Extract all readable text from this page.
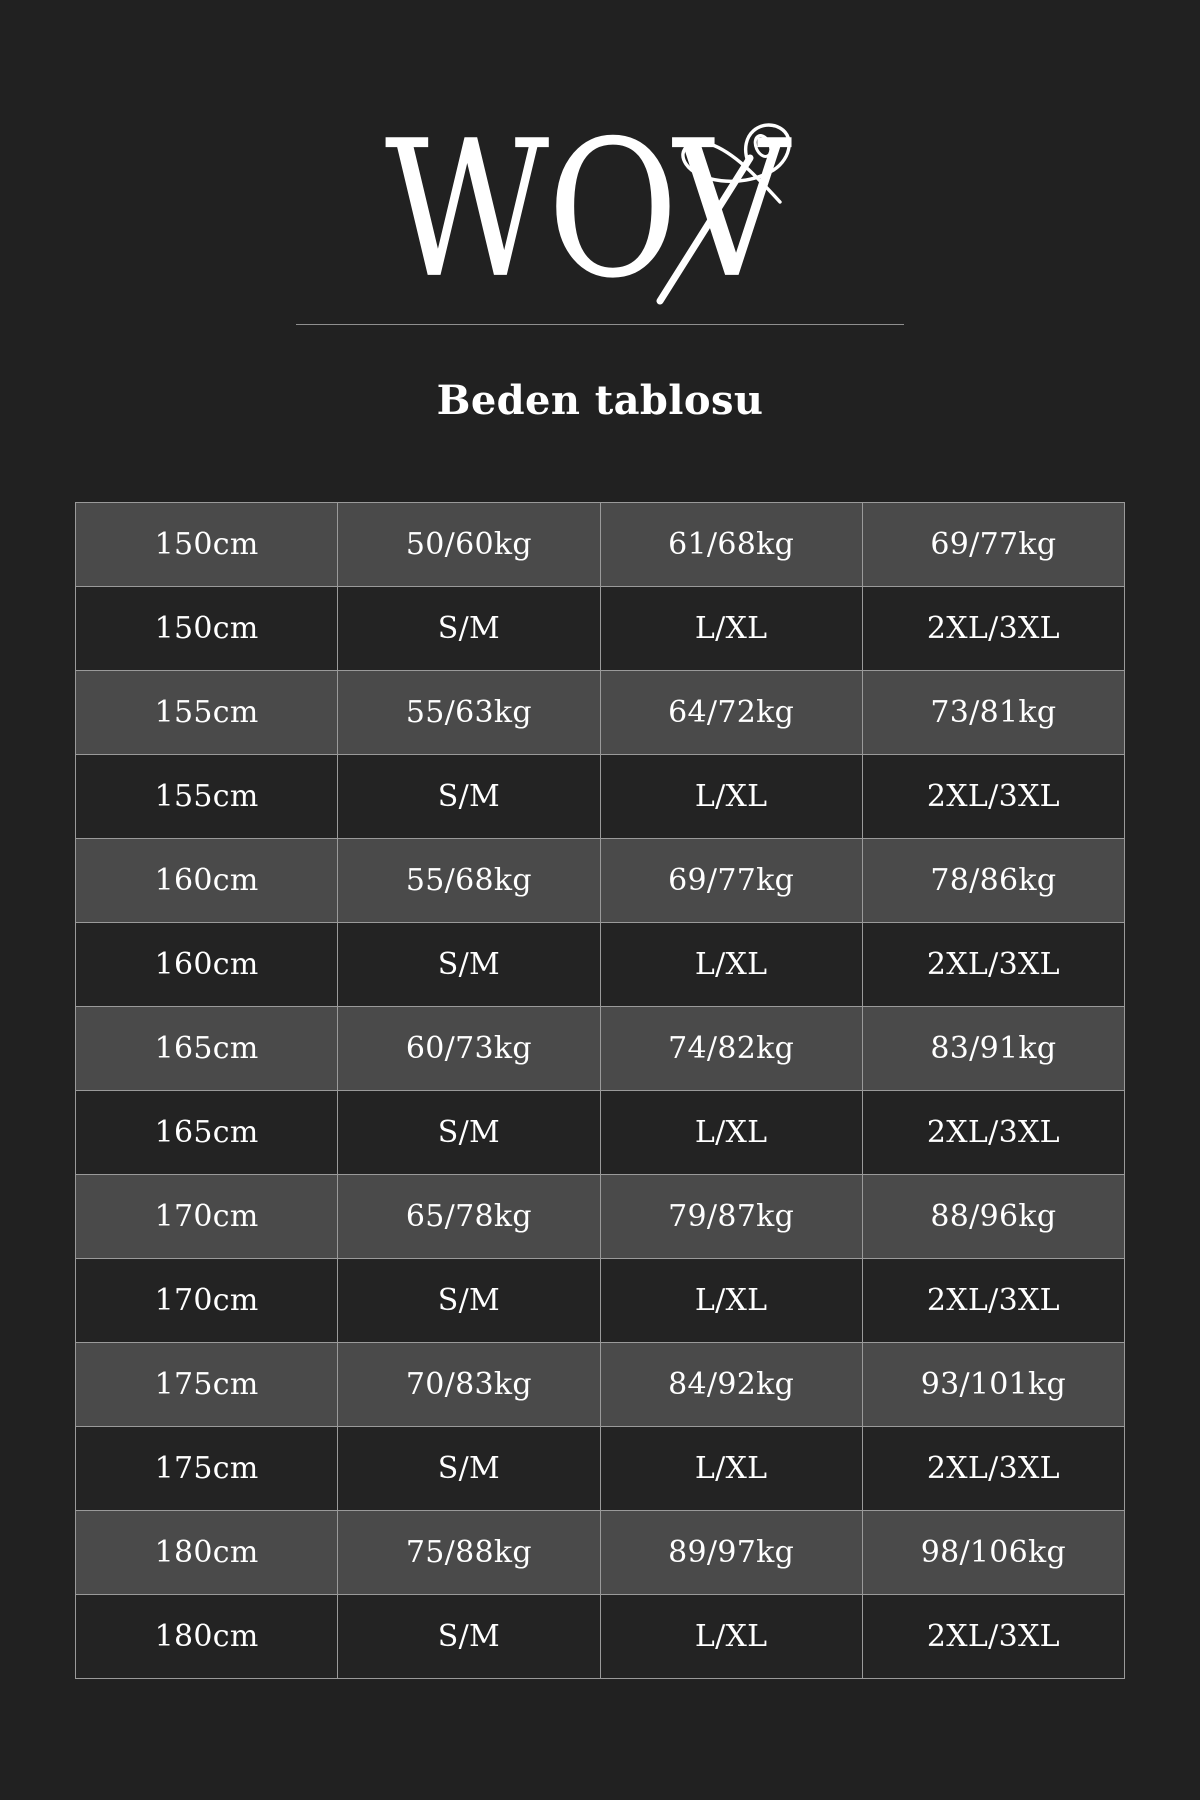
WOV
Beden tablosu
150cm	50/60kg	61/68kg	69/77kg
150cm	S/M	L/XL	2XL/3XL
155cm	55/63kg	64/72kg	73/81kg
155cm	S/M	L/XL	2XL/3XL
160cm	55/68kg	69/77kg	78/86kg
160cm	S/M	L/XL	2XL/3XL
165cm	60/73kg	74/82kg	83/91kg
165cm	S/M	L/XL	2XL/3XL
170cm	65/78kg	79/87kg	88/96kg
170cm	S/M	L/XL	2XL/3XL
175cm	70/83kg	84/92kg	93/101kg
175cm	S/M	L/XL	2XL/3XL
180cm	75/88kg	89/97kg	98/106kg
180cm	S/M	L/XL	2XL/3XL
